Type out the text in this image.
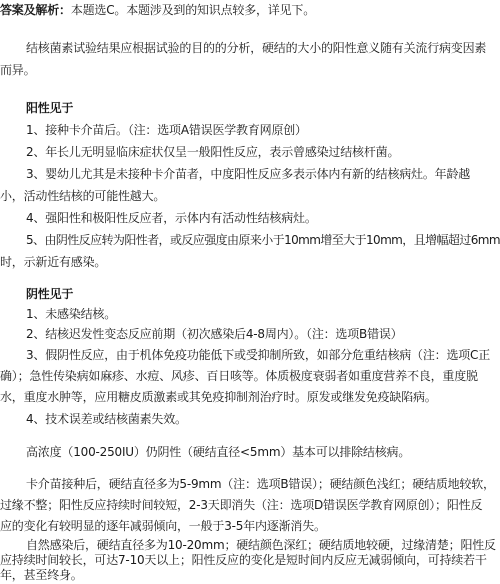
答案及解析：本题选C。本题涉及到的知识点较多，详见下。
结核菌素试验结果应根据试验的目的的分析，硬结的大小的阳性意义随有关流行病变因素
而异。
阳性见于
1、接种卡介苗后。（注：选项A错误医学教育网原创）
2、年长儿无明显临床症状仅呈一般阳性反应，表示曾感染过结核杆菌。
3、婴幼儿尤其是未接种卡介苗者，中度阳性反应多表示体内有新的结核病灶。年龄越
小，活动性结核的可能性越大。
4、强阳性和极阳性反应者，示体内有活动性结核病灶。
5、由阴性反应转为阳性者，或反应强度由原来小于10mm增至大于10mm，且增幅超过6mm
时，示新近有感染。
阴性见于
1、未感染结核。
2、结核迟发性变态反应前期（初次感染后4-8周内）。（注：选项B错误）
3、假阴性反应，由于机体免疫功能低下或受抑制所致，如部分危重结核病（注：选项C正
确）；急性传染病如麻疹、水痘、风疹、百日咳等。体质极度衰弱者如重度营养不良，重度脱
水，重度水肿等，应用糖皮质激素或其免疫抑制剂治疗时。原发或继发免疫缺陷病。
4、技术误差或结核菌素失效。
高浓度（100-250IU）仍阴性（硬结直径<5mm）基本可以排除结核病。
卡介苗接种后，硬结直径多为5-9mm（注：选项B错误）；硬结颜色浅红；硬结质地较软，
过缘不整；阳性反应持续时间较短，2-3天即消失（注：选项D错误医学教育网原创）；阳性反
应的变化有较明显的逐年减弱倾向，一般于3-5年内逐渐消失。
自然感染后，硬结直径多为10-20mm；硬结颜色深红；硬结质地较硬，过缘清楚；阳性反
应持续时间较长，可达7-10天以上；阳性反应的变化是短时间内反应无减弱倾向，可持续若干
年，甚至终身。
